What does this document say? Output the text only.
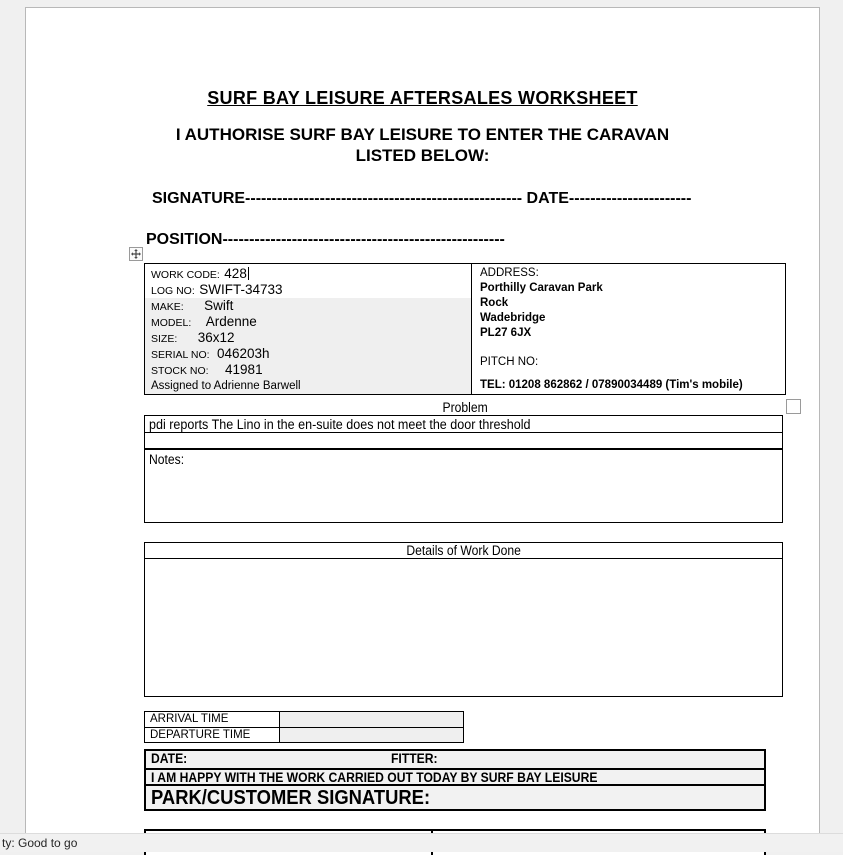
SURF BAY LEISURE AFTERSALES WORKSHEET
I AUTHORISE SURF BAY LEISURE TO ENTER THE CARAVAN
LISTED BELOW:
SIGNATURE---------------------------------------------------- DATE-----------------------
POSITION-----------------------------------------------------
WORK CODE: 428
LOG NO: SWIFT-34733
MAKE: Swift
MODEL: Ardenne
SIZE: 36x12
SERIAL NO: 046203h
STOCK NO: 41981
Assigned to Adrienne Barwell
ADDRESS:
Porthilly Caravan Park
Rock
Wadebridge
PL27 6JX
PITCH NO:
TEL: 01208 862862 / 07890034489 (Tim's mobile)
Problem
pdi reports The Lino in the en-suite does not meet the door threshold
Notes:
Details of Work Done
ARRIVAL TIME
DEPARTURE TIME
DATE:	FITTER:
I AM HAPPY WITH THE WORK CARRIED OUT TODAY BY SURF BAY LEISURE
PARK/CUSTOMER SIGNATURE:
ty: Good to go
